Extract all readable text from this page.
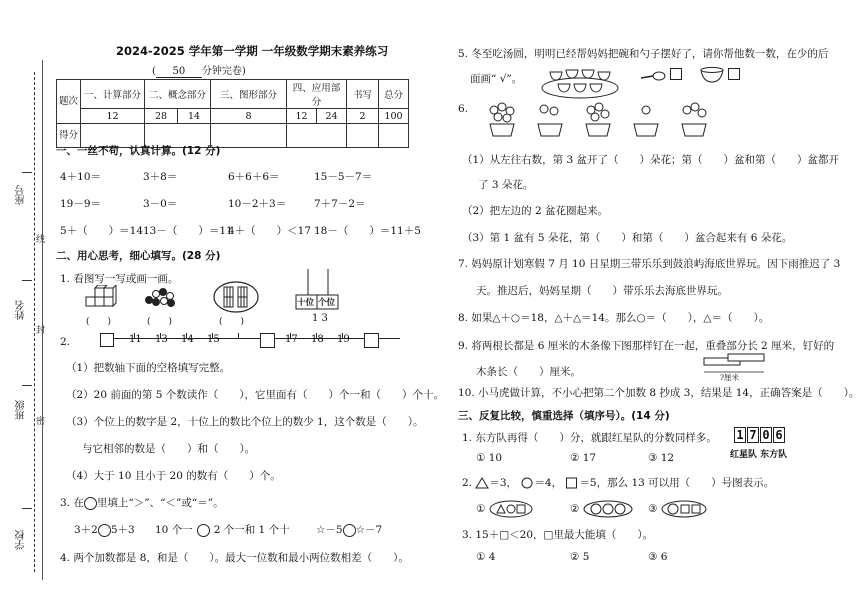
座号
姓名
班级
学校
线
封
密
2024-2025 学年第一学期 一年级数学期末素养练习
( 50 分钟完卷)
题次	一、计算部分	二、概念部分		三、图形部分	四、应用部分		书写	总分
	12	28	14	8	12	24	2	100
得分								
一、一丝不苟，认真计算。(12 分)
4＋10＝	3＋8＝	6＋6＋6＝	15－5－7＝
19－9＝	3－0＝	10－2＋3＝	7＋7－2＝
5＋（　　）＝14 13－（　　）＝11
4＋（　　）＜17 18－（　　）＝11＋5
二、用心思考，细心填写。(28 分)
1. 看图写一写或画一画。
十位 个位
1 3
(　　)	(　　)	(　　)
2.	11 13 14 15	17 18 19
（1）把数轴下面的空格填写完整。
（2）20 前面的第 5 个数读作（　　），它里面有（　　）个一和（　　）个十。
（3）个位上的数字是 2，十位上的数比个位上的数少 1，这个数是（　　）。
与它相邻的数是（　　）和（　　）。
（4）大于 10 且小于 20 的数有（　　）个。
3. 在 里填上“＞”、“＜”或“＝”。
3＋2 5＋3 10 个一 2 个一和 1 个十	☆－5 ☆－7
4. 两个加数都是 8，和是（　　）。最大一位数和最小两位数相差（　　）。
5. 冬至吃汤圆，明明已经帮妈妈把碗和勺子摆好了，请你帮他数一数，在少的后
面画“ √”。
6.
（1）从左往右数，第 3 盆开了（　　）朵花；第（　　）盆和第（　　）盆都开
了 3 朵花。
（2）把左边的 2 盆花圈起来。
（3）第 1 盆有 5 朵花，第（　　）和第（　　）盆合起来有 6 朵花。
7. 妈妈原计划寒假 7 月 10 日星期三带乐乐到鼓浪屿海底世界玩。因下雨推迟了 3
天。推迟后，妈妈星期（　　）带乐乐去海底世界玩。
8. 如果△＋○＝18，△＋△＝14。那么○＝（　　），△＝（　　）。
9. 将两根长都是 6 厘米的木条像下图那样钉在一起，重叠部分长 2 厘米，钉好的
木条长（　　）厘米。	?厘米
10. 小马虎做计算，不小心把第二个加数 8 抄成 3，结果是 14，正确答案是（　　）。
三、反复比较，慎重选择（填序号）。(14 分)
1. 东方队再得（　　）分，就跟红星队的分数同样多。 1 7 0 6
红星队 东方队
① 10	② 17	③ 12
2. ＝3， ＝4， ＝5，那么 13 可以用（　　）号图表示。
①	②	③
3. 15＋□＜20，□里最大能填（　　）。
① 4	② 5	③ 6
